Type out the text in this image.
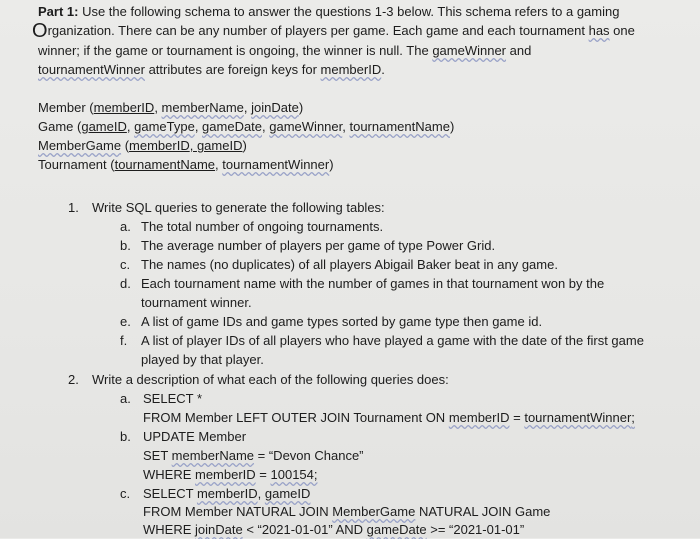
Part 1: Use the following schema to answer the questions 1-3 below. This schema refers to a gaming
Organization. There can be any number of players per game. Each game and each tournament has one
winner; if the game or tournament is ongoing, the winner is null. The gameWinner and
tournamentWinner attributes are foreign keys for memberID.
Member (memberID, memberName, joinDate)
Game (gameID, gameType, gameDate, gameWinner, tournamentName)
MemberGame (memberID, gameID)
Tournament (tournamentName, tournamentWinner)
1. Write SQL queries to generate the following tables:
a. The total number of ongoing tournaments.
b. The average number of players per game of type Power Grid.
c. The names (no duplicates) of all players Abigail Baker beat in any game.
d. Each tournament name with the number of games in that tournament won by the
tournament winner.
e. A list of game IDs and game types sorted by game type then game id.
f. A list of player IDs of all players who have played a game with the date of the first game
played by that player.
2. Write a description of what each of the following queries does:
a. SELECT *
FROM Member LEFT OUTER JOIN Tournament ON memberID = tournamentWinner;
b. UPDATE Member
SET memberName = “Devon Chance”
WHERE memberID = 100154;
c. SELECT memberID, gameID
FROM Member NATURAL JOIN MemberGame NATURAL JOIN Game
WHERE joinDate < “2021-01-01” AND gameDate >= “2021-01-01”
